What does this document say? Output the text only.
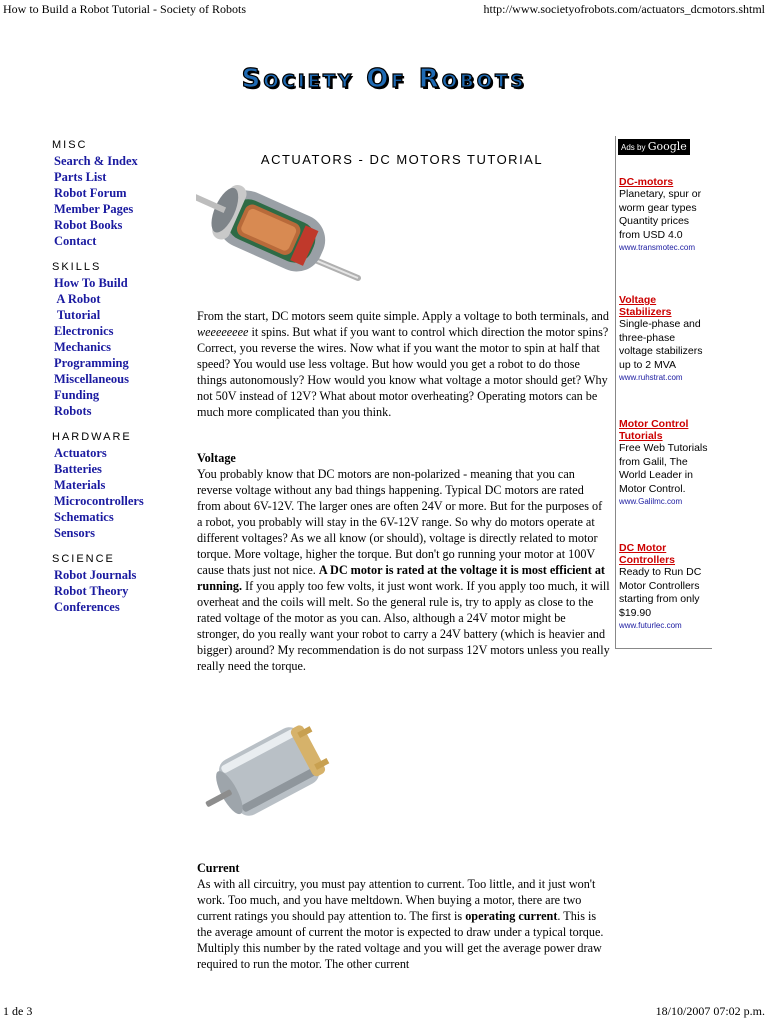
How to Build a Robot Tutorial - Society of Robots	http://www.societyofrobots.com/actuators_dcmotors.shtml
Society Of Robots
MISC
Search & Index
Parts List
Robot Forum
Member Pages
Robot Books
Contact
SKILLS
How To Build
A Robot
Tutorial
Electronics
Mechanics
Programming
Miscellaneous
Funding
Robots
HARDWARE
Actuators
Batteries
Materials
Microcontrollers
Schematics
Sensors
SCIENCE
Robot Journals
Robot Theory
Conferences
ACTUATORS - DC MOTORS TUTORIAL

From the start, DC motors seem quite simple. Apply a voltage to both terminals, and weeeeeeee it spins. But what if you want to control which direction the motor spins? Correct, you reverse the wires. Now what if you want the motor to spin at half that speed? You would use less voltage. But how would you get a robot to do those things autonomously? How would you know what voltage a motor should get? Why not 50V instead of 12V? What about motor overheating? Operating motors can be much more complicated than you think.

Voltage

You probably know that DC motors are non-polarized - meaning that you can reverse voltage without any bad things happening. Typical DC motors are rated from about 6V-12V. The larger ones are often 24V or more. But for the purposes of a robot, you probably will stay in the 6V-12V range. So why do motors operate at different voltages? As we all know (or should), voltage is directly related to motor torque. More voltage, higher the torque. But don't go running your motor at 100V cause thats just not nice. A DC motor is rated at the voltage it is most efficient at running. If you apply too few volts, it just wont work. If you apply too much, it will overheat and the coils will melt. So the general rule is, try to apply as close to the rated voltage of the motor as you can. Also, although a 24V motor might be stronger, do you really want your robot to carry a 24V battery (which is heavier and bigger) around? My recommendation is do not surpass 12V motors unless you really really need the torque.

Current

As with all circuitry, you must pay attention to current. Too little, and it just won't work. Too much, and you have meltdown. When buying a motor, there are two current ratings you should pay attention to. The first is operating current. This is the average amount of current the motor is expected to draw under a typical torque. Multiply this number by the rated voltage and you will get the average power draw required to run the motor. The other current

Ads by Google
DC-motors
Planetary, spur or worm gear types Quantity prices from USD 4.0
www.transmotec.com
Voltage Stabilizers
Single-phase and three-phase voltage stabilizers up to 2 MVA
www.ruhstrat.com
Motor Control Tutorials
Free Web Tutorials from Galil, The World Leader in Motor Control.
www.Galilmc.com
DC Motor Controllers
Ready to Run DC Motor Controllers starting from only $19.90
www.futurlec.com
1 de 3	18/10/2007 07:02 p.m.
